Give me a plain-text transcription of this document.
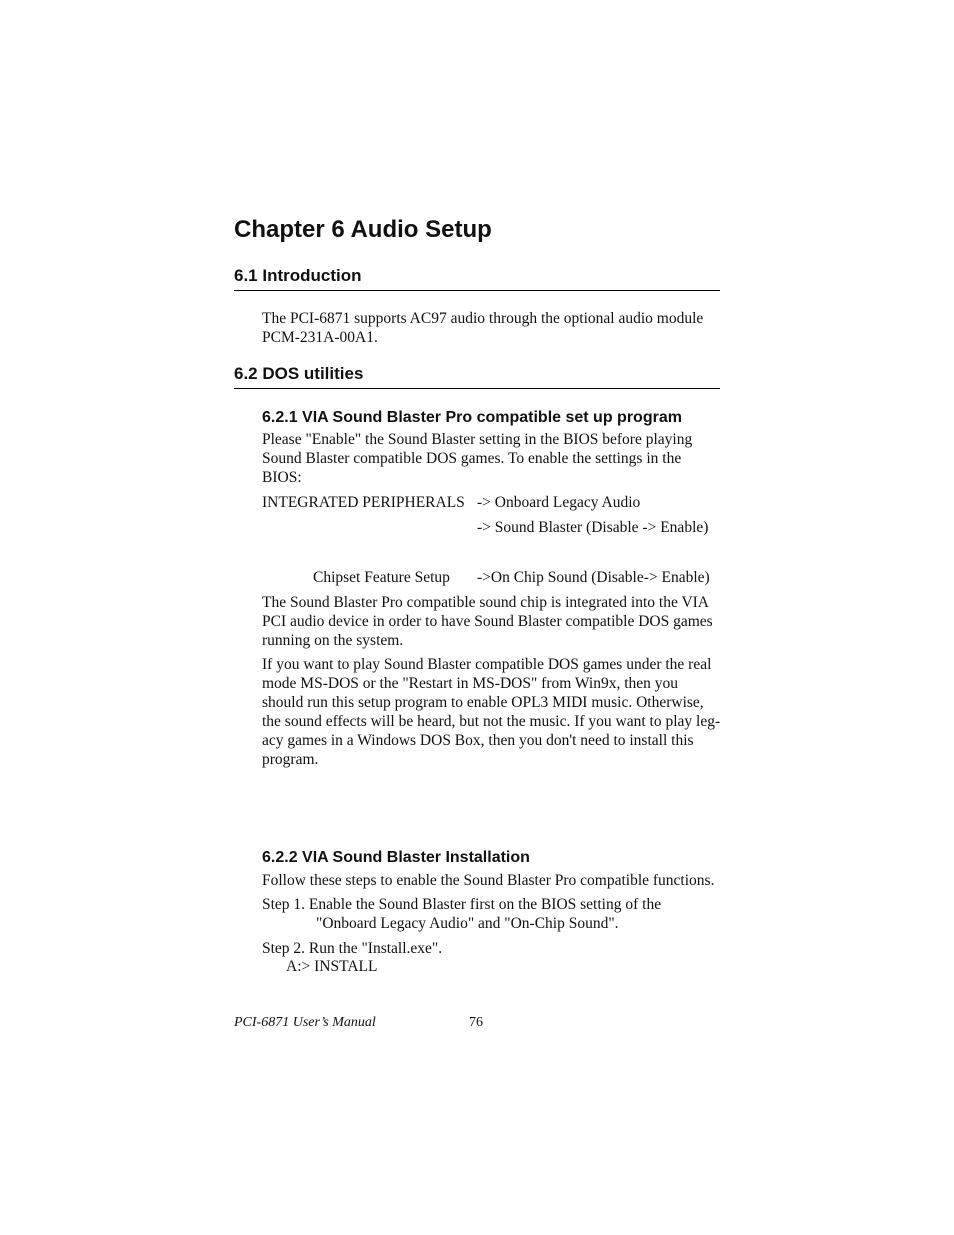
Chapter 6 Audio Setup
6.1 Introduction
The PCI-6871 supports AC97 audio through the optional audio module
PCM-231A-00A1.
6.2 DOS utilities
6.2.1 VIA Sound Blaster Pro compatible set up program
Please "Enable" the Sound Blaster setting in the BIOS before playing
Sound Blaster compatible DOS games. To enable the settings in the
BIOS:
INTEGRATED PERIPHERALS -> Onboard Legacy Audio
-> Sound Blaster (Disable -> Enable)
Chipset Feature Setup ->On Chip Sound (Disable-> Enable)
The Sound Blaster Pro compatible sound chip is integrated into the VIA
PCI audio device in order to have Sound Blaster compatible DOS games
running on the system.
If you want to play Sound Blaster compatible DOS games under the real
mode MS-DOS or the "Restart in MS-DOS" from Win9x, then you
should run this setup program to enable OPL3 MIDI music. Otherwise,
the sound effects will be heard, but not the music. If you want to play leg-
acy games in a Windows DOS Box, then you don't need to install this
program.
6.2.2 VIA Sound Blaster Installation
Follow these steps to enable the Sound Blaster Pro compatible functions.
Step 1. Enable the Sound Blaster first on the BIOS setting of the
"Onboard Legacy Audio" and "On-Chip Sound".
Step 2. Run the "Install.exe".
A:> INSTALL
PCI-6871 User’s Manual	76
